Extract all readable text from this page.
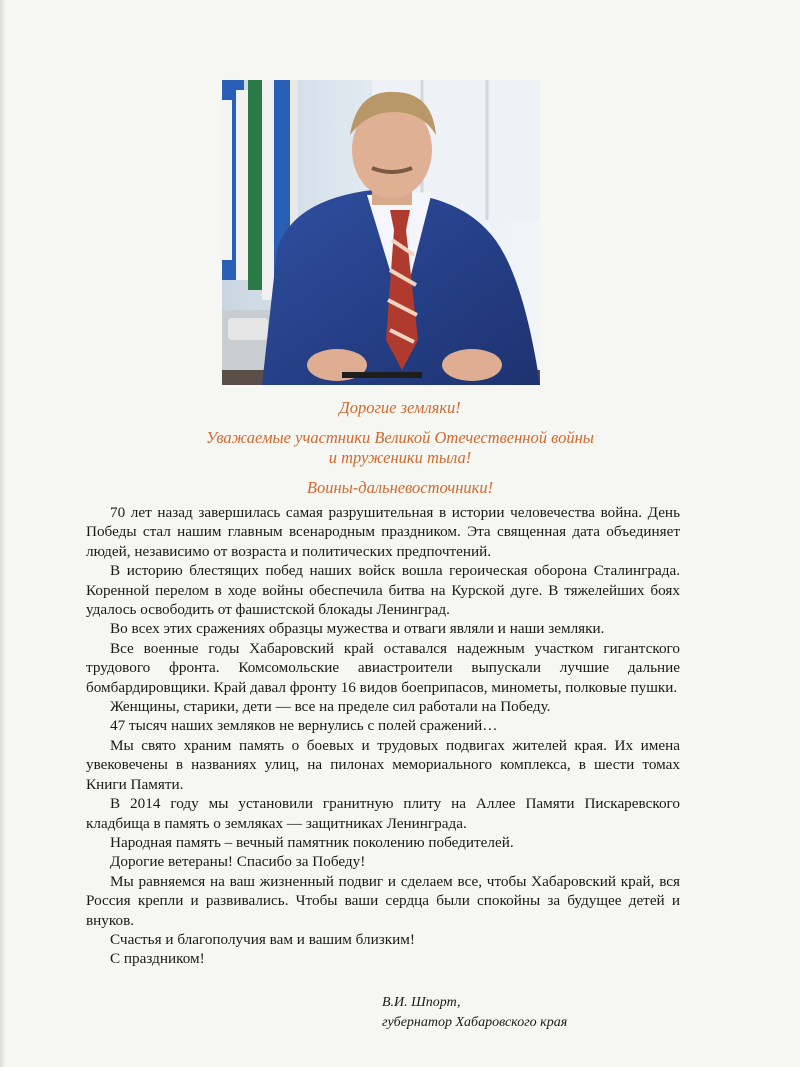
Дорогие земляки!

Уважаемые участники Великой Отечественной войны

и труженики тыла!

Воины-дальневосточники!

70 лет назад завершилась самая разрушительная в истории человечества война. День Победы стал нашим главным всенародным праздником. Эта священная дата объединяет людей, независимо от возраста и политических предпочтений.

В историю блестящих побед наших войск вошла героическая оборона Сталинграда. Коренной перелом в ходе войны обеспечила битва на Курской дуге. В тяжелейших боях удалось освободить от фашистской блокады Ленинград.

Во всех этих сражениях образцы мужества и отваги являли и наши земляки.

Все военные годы Хабаровский край оставался надежным участком гигантского трудового фронта. Комсомольские авиастроители выпускали лучшие дальние бомбардировщики. Край давал фронту 16 видов боеприпасов, минометы, полковые пушки.

Женщины, старики, дети — все на пределе сил работали на Победу.

47 тысяч наших земляков не вернулись с полей сражений…

Мы свято храним память о боевых и трудовых подвигах жителей края. Их имена увековечены в названиях улиц, на пилонах мемориального комплекса, в шести томах Книги Памяти.

В 2014 году мы установили гранитную плиту на Аллее Памяти Пискаревского кладбища в память о земляках — защитниках Ленинграда.

Народная память – вечный памятник поколению победителей.

Дорогие ветераны! Спасибо за Победу!

Мы равняемся на ваш жизненный подвиг и сделаем все, чтобы Хабаровский край, вся Россия крепли и развивались. Чтобы ваши сердца были спокойны за будущее детей и внуков.

Счастья и благополучия вам и вашим близким!

С праздником!

В.И. Шпорт,
губернатор Хабаровского края
